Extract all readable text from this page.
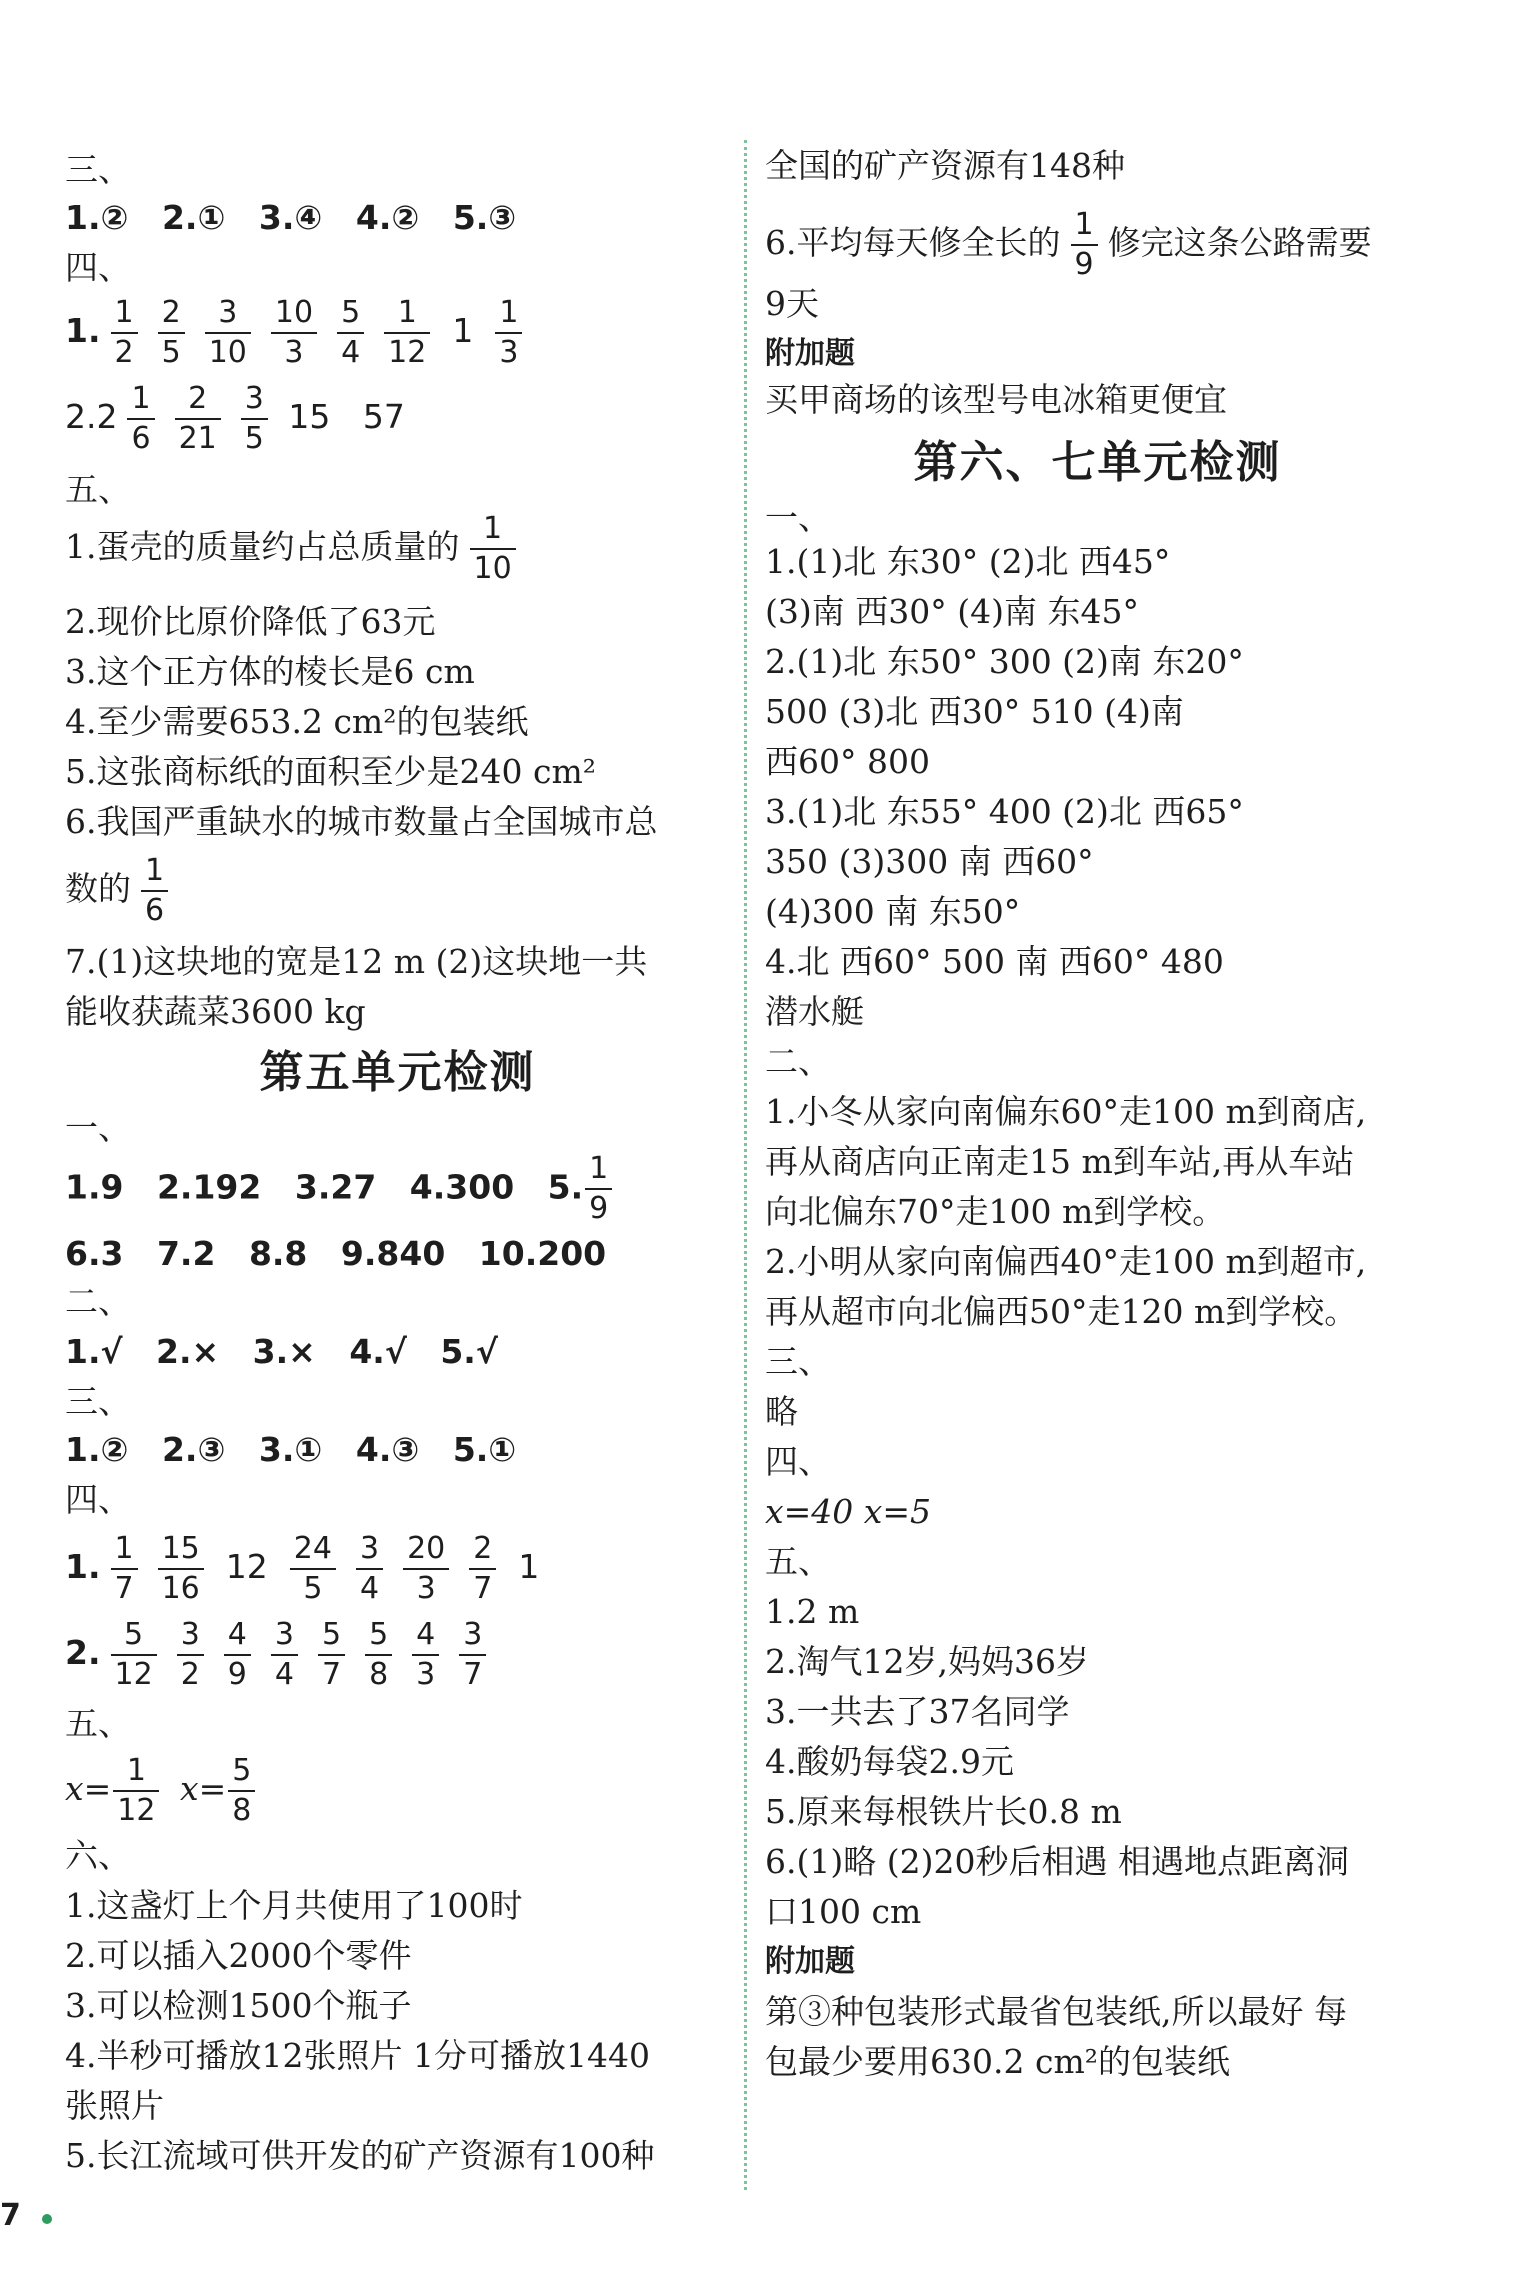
三、
1.② 2.① 3.④ 4.② 5.③
四、
1. $\frac{1}{2} \frac{2}{5} \frac{3}{10} \frac{10}{3} \frac{5}{4} \frac{1}{12} 1 \frac{1}{3}$
$2.2 \frac{1}{6} \frac{2}{21} \frac{3}{5} 15$ 57
五、
1.蛋壳的质量约占总质量的 $\frac{1}{10}$
2.现价比原价降低了63元
3.这个正方体的棱长是6 cm
4.至少需要653.2 cm²的包装纸
5.这张商标纸的面积至少是240 cm²
6.我国严重缺水的城市数量占全国城市总
数的 $\frac{1}{6}$
7.(1)这块地的宽是12 m (2)这块地一共
能收获蔬菜3600 kg
第五单元检测
一、
1.9 2.192 3.27 4.300 5. $\frac{1}{9}$
6.3 7.2 8.8 9.840 10.200
二、
1.√ 2.× 3.× 4.√ 5.√
三、
1.② 2.③ 3.① 4.③ 5.①
四、
1. $\frac{1}{7} \frac{15}{16} 12 \frac{24}{5} \frac{3}{4} \frac{20}{3} \frac{2}{7} 1$
2. $\frac{5}{12} \frac{3}{2} \frac{4}{9} \frac{3}{4} \frac{5}{7} \frac{5}{8} \frac{4}{3} \frac{3}{7}$
五、
$x= \frac{1}{12} x= \frac{5}{8}$
六、
1.这盏灯上个月共使用了100时
2.可以插入2000个零件
3.可以检测1500个瓶子
4.半秒可播放12张照片 1分可播放1440
张照片
5.长江流域可供开发的矿产资源有100种
全国的矿产资源有148种
6.平均每天修全长的 $\frac{1}{9}$ 修完这条公路需要
9天
附加题
买甲商场的该型号电冰箱更便宜
第六、七单元检测
一、
1.(1)北 东30° (2)北 西45°
(3)南 西30° (4)南 东45°
2.(1)北 东50° 300 (2)南 东20°
500 (3)北 西30° 510 (4)南
西60° 800
3.(1)北 东55° 400 (2)北 西65°
350 (3)300 南 西60°
(4)300 南 东50°
4.北 西60° 500 南 西60° 480
潜水艇
二、
1.小冬从家向南偏东60°走100 m到商店,
再从商店向正南走15 m到车站,再从车站
向北偏东70°走100 m到学校。
2.小明从家向南偏西40°走100 m到超市,
再从超市向北偏西50°走120 m到学校。
三、
略
四、
x=40 x=5
五、
1.2 m
2.淘气12岁,妈妈36岁
3.一共去了37名同学
4.酸奶每袋2.9元
5.原来每根铁片长0.8 m
6.(1)略 (2)20秒后相遇 相遇地点距离洞
口100 cm
附加题
第③种包装形式最省包装纸,所以最好 每
包最少要用630.2 cm²的包装纸
7
